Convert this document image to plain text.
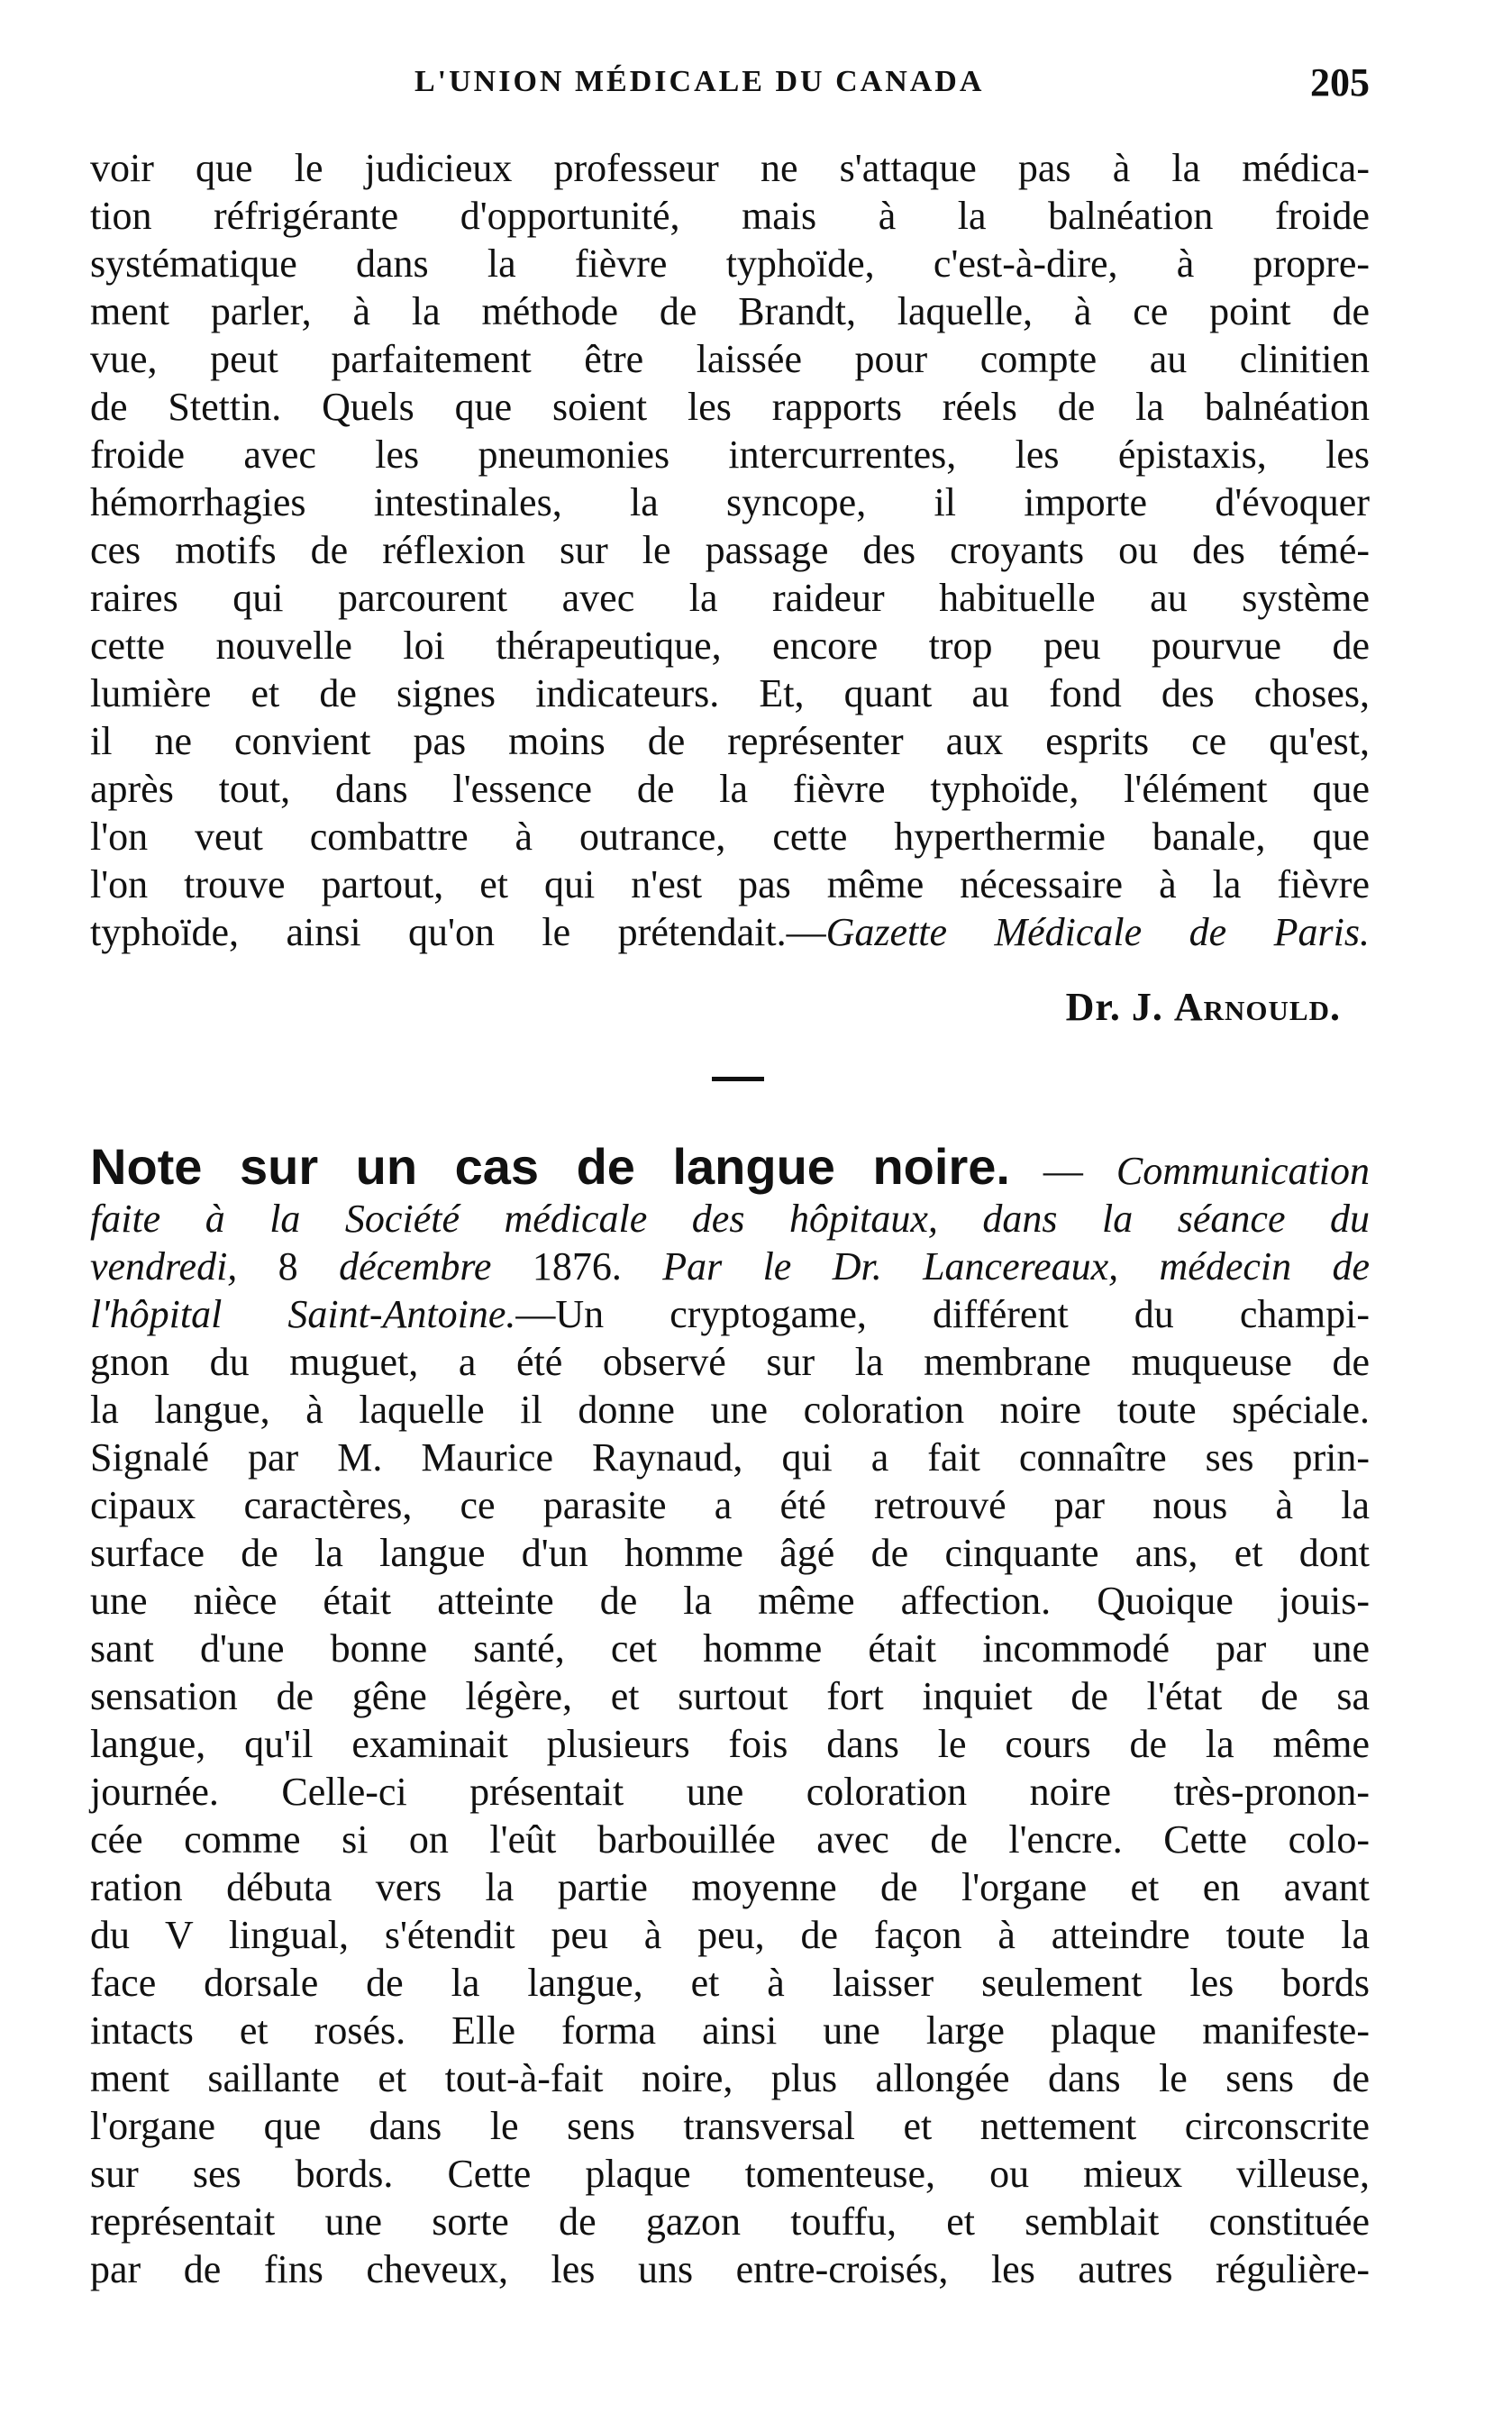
L'UNION MÉDICALE DU CANADA	205
voir que le judicieux professeur ne s'attaque pas à la médica-
tion réfrigérante d'opportunité, mais à la balnéation froide
systématique dans la fièvre typhoïde, c'est-à-dire, à propre-
ment parler, à la méthode de Brandt, laquelle, à ce point de
vue, peut parfaitement être laissée pour compte au clinitien
de Stettin. Quels que soient les rapports réels de la balnéation
froide avec les pneumonies intercurrentes, les épistaxis, les
hémorrhagies intestinales, la syncope, il importe d'évoquer
ces motifs de réflexion sur le passage des croyants ou des témé-
raires qui parcourent avec la raideur habituelle au système
cette nouvelle loi thérapeutique, encore trop peu pourvue de
lumière et de signes indicateurs. Et, quant au fond des choses,
il ne convient pas moins de représenter aux esprits ce qu'est,
après tout, dans l'essence de la fièvre typhoïde, l'élément que
l'on veut combattre à outrance, cette hyperthermie banale, que
l'on trouve partout, et qui n'est pas même nécessaire à la fièvre
typhoïde, ainsi qu'on le prétendait.—Gazette Médicale de Paris.
Dr. J. Arnould.
Note sur un cas de langue noire. — Communication
faite à la Société médicale des hôpitaux, dans la séance du
vendredi, 8 décembre 1876. Par le Dr. Lancereaux, médecin de
l'hôpital Saint-Antoine.—Un cryptogame, différent du champi-
gnon du muguet, a été observé sur la membrane muqueuse de
la langue, à laquelle il donne une coloration noire toute spéciale.
Signalé par M. Maurice Raynaud, qui a fait connaître ses prin-
cipaux caractères, ce parasite a été retrouvé par nous à la
surface de la langue d'un homme âgé de cinquante ans, et dont
une nièce était atteinte de la même affection. Quoique jouis-
sant d'une bonne santé, cet homme était incommodé par une
sensation de gêne légère, et surtout fort inquiet de l'état de sa
langue, qu'il examinait plusieurs fois dans le cours de la même
journée. Celle-ci présentait une coloration noire très-pronon-
cée comme si on l'eût barbouillée avec de l'encre. Cette colo-
ration débuta vers la partie moyenne de l'organe et en avant
du V lingual, s'étendit peu à peu, de façon à atteindre toute la
face dorsale de la langue, et à laisser seulement les bords
intacts et rosés. Elle forma ainsi une large plaque manifeste-
ment saillante et tout-à-fait noire, plus allongée dans le sens de
l'organe que dans le sens transversal et nettement circonscrite
sur ses bords. Cette plaque tomenteuse, ou mieux villeuse,
représentait une sorte de gazon touffu, et semblait constituée
par de fins cheveux, les uns entre-croisés, les autres régulière-
